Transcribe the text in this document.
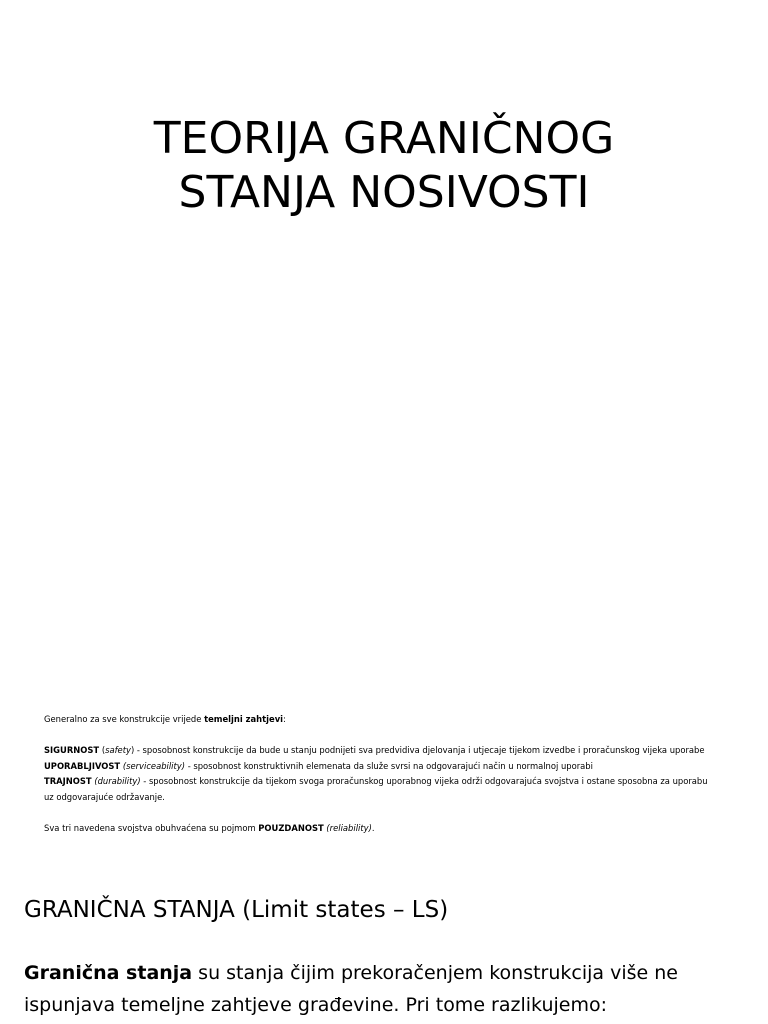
TEORIJA GRANIČNOG
STANJA NOSIVOSTI

Generalno za sve konstrukcije vrijede temeljni zahtjevi:

SIGURNOST (safety) - sposobnost konstrukcije da bude u stanju podnijeti sva predvidiva djelovanja i utjecaje tijekom izvedbe i proračunskog vijeka uporabe

UPORABLJIVOST (serviceability) - sposobnost konstruktivnih elemenata da služe svrsi na odgovarajući način u normalnoj uporabi

TRAJNOST (durability) - sposobnost konstrukcije da tijekom svoga proračunskog uporabnog vijeka održi odgovarajuća svojstva i ostane sposobna za uporabu

uz odgovarajuće održavanje.

Sva tri navedena svojstva obuhvaćena su pojmom POUZDANOST (reliability).

GRANIČNA STANJA (Limit states – LS)

Granična stanja su stanja čijim prekoračenjem konstrukcija više ne ispunjava temeljne zahtjeve građevine. Pri tome razlikujemo:
